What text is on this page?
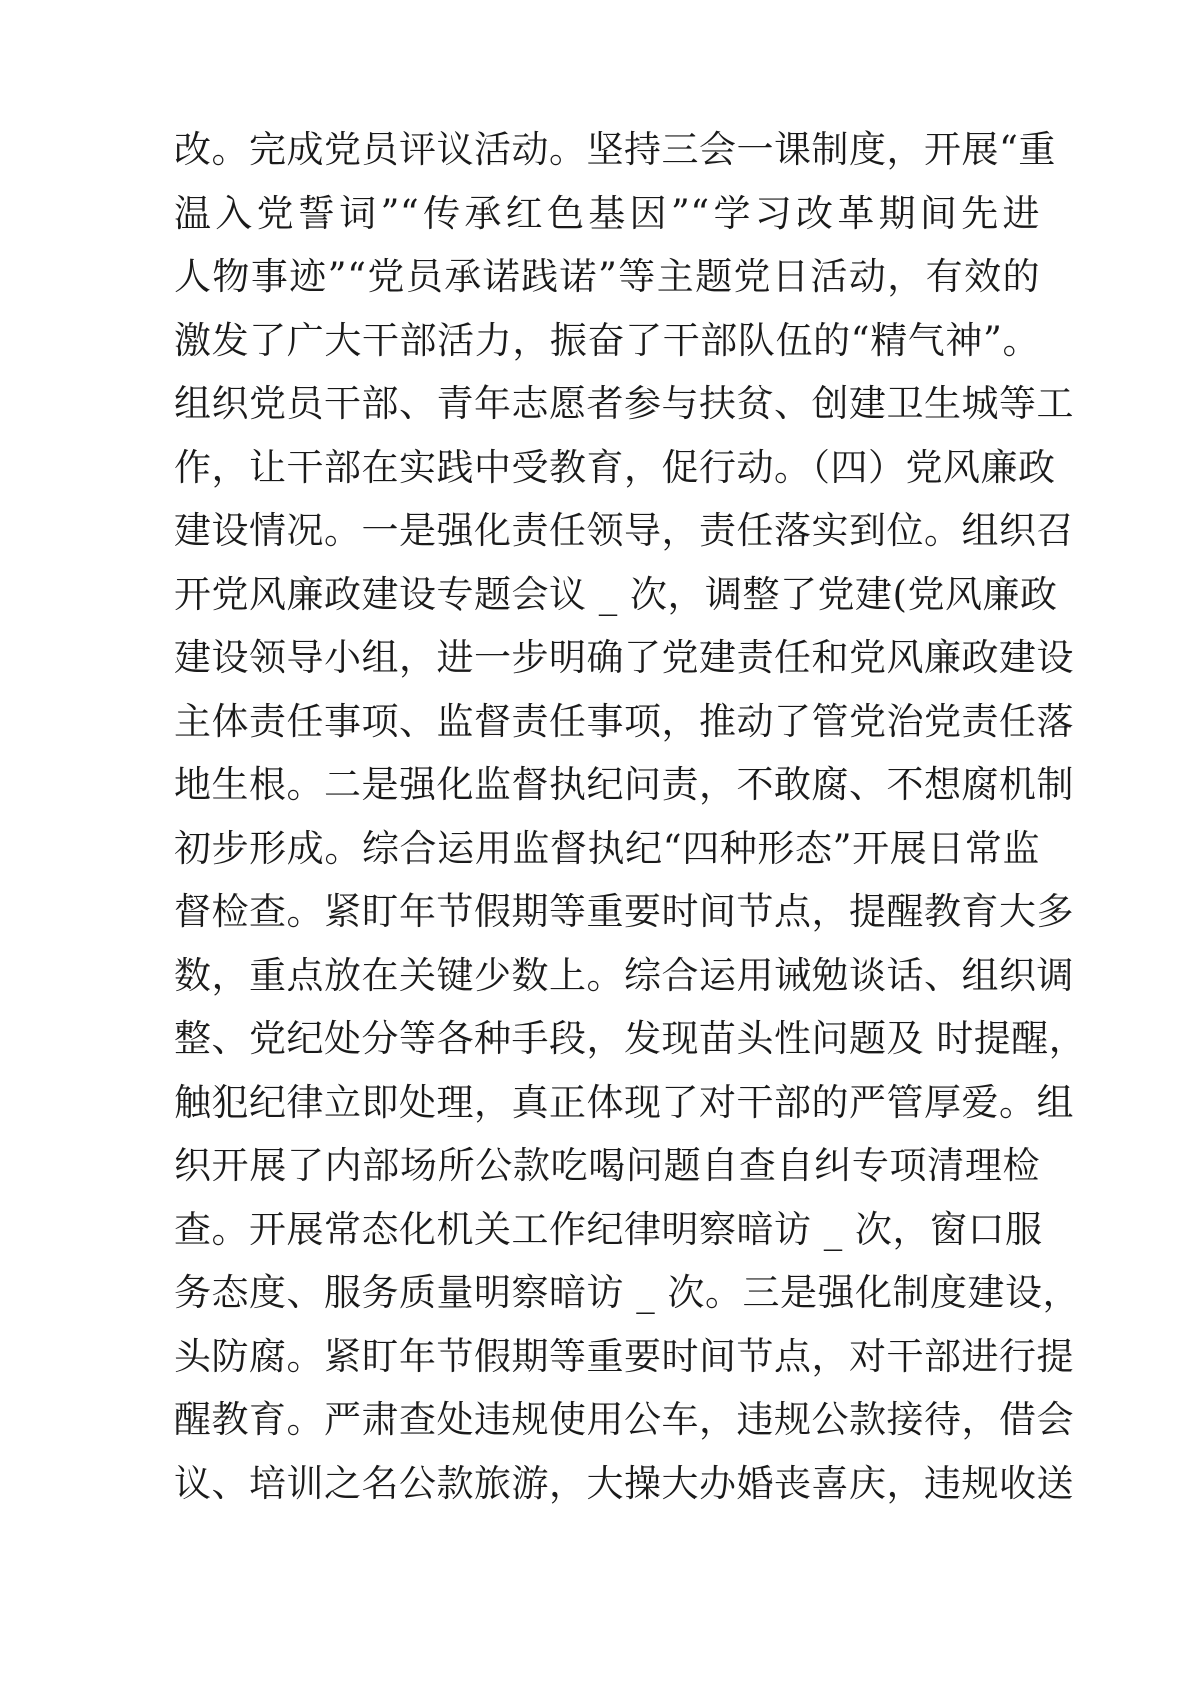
改。完成党员评议活动。坚持三会一课制度，开展“重
温入党誓词”“传承红色基因”“学习改革期间先进
人物事迹”“党员承诺践诺”等主题党日活动，有效的
激发了广大干部活力，振奋了干部队伍的“精气神”。
组织党员干部、青年志愿者参与扶贫、创建卫生城等工
作，让干部在实践中受教育，促行动。（四）党风廉政
建设情况。一是强化责任领导，责任落实到位。组织召
开党风廉政建设专题会议 _ 次，调整了党建(党风廉政
建设领导小组，进一步明确了党建责任和党风廉政建设
主体责任事项、监督责任事项，推动了管党治党责任落
地生根。二是强化监督执纪问责，不敢腐、不想腐机制
初步形成。综合运用监督执纪“四种形态”开展日常监
督检查。紧盯年节假期等重要时间节点，提醒教育大多
数，重点放在关键少数上。综合运用诫勉谈话、组织调
整、党纪处分等各种手段，发现苗头性问题及 时提醒，
触犯纪律立即处理，真正体现了对干部的严管厚爱。组
织开展了内部场所公款吃喝问题自查自纠专项清理检
查。开展常态化机关工作纪律明察暗访 _ 次，窗口服
务态度、服务质量明察暗访 _ 次。三是强化制度建设，
头防腐。紧盯年节假期等重要时间节点，对干部进行提
醒教育。严肃查处违规使用公车，违规公款接待，借会
议、培训之名公款旅游，大操大办婚丧喜庆，违规收送
